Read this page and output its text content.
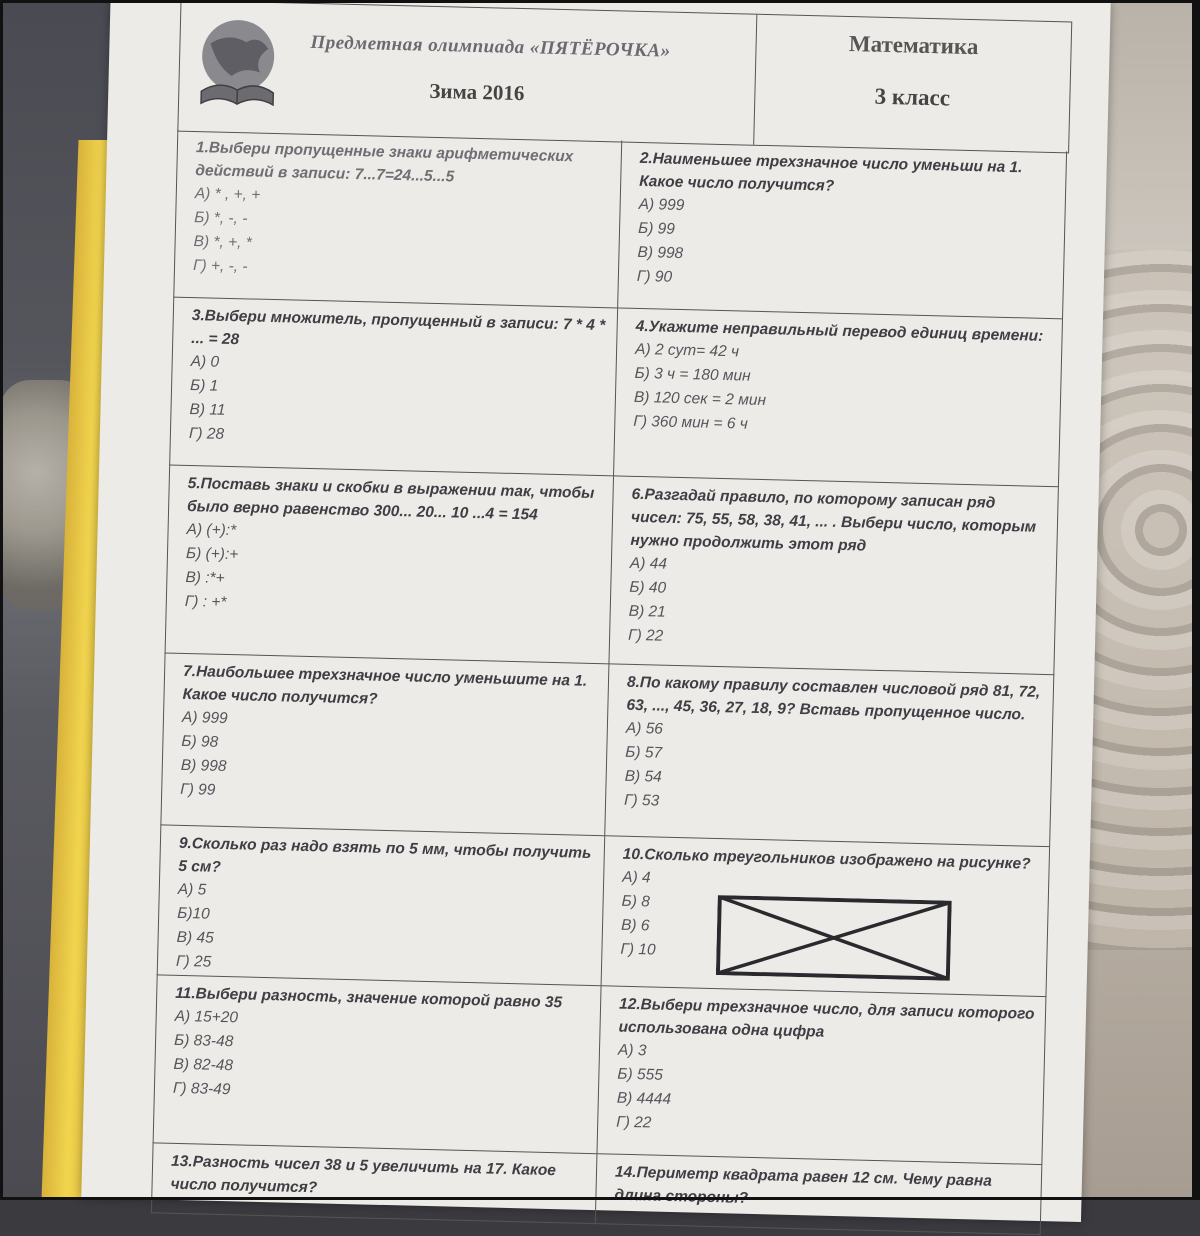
Предметная олимпиада «ПЯТЁРОЧКА»
Зима 2016
Математика
3 класс
1.Выбери пропущенные знаки арифметических действий в записи: 7...7=24...5...5
А) * , +, +
Б) *, -, -
В) *, +, *
Г) +, -, -
2.Наименьшее трехзначное число уменьши на 1. Какое число получится?
А) 999
Б) 99
В) 998
Г) 90
3.Выбери множитель, пропущенный в записи: 7 * 4 * ... = 28
А) 0
Б) 1
В) 11
Г) 28
4.Укажите неправильный перевод единиц времени:
А) 2 сут= 42 ч
Б) 3 ч = 180 мин
В) 120 сек = 2 мин
Г) 360 мин = 6 ч
5.Поставь знаки и скобки в выражении так, чтобы было верно равенство 300... 20... 10 ...4 = 154
А) (+):*
Б) (+):+
В) :*+
Г) : +*
6.Разгадай правило, по которому записан ряд чисел: 75, 55, 58, 38, 41, ... . Выбери число, которым нужно продолжить этот ряд
А) 44
Б) 40
В) 21
Г) 22
7.Наибольшее трехзначное число уменьшите на 1. Какое число получится?
А) 999
Б) 98
В) 998
Г) 99
8.По какому правилу составлен числовой ряд 81, 72, 63, ..., 45, 36, 27, 18, 9? Вставь пропущенное число.
А) 56
Б) 57
В) 54
Г) 53
9.Сколько раз надо взять по 5 мм, чтобы получить 5 см?
А) 5
Б)10
В) 45
Г) 25
10.Сколько треугольников изображено на рисунке?
А) 4
Б) 8
В) 6
Г) 10
11.Выбери разность, значение которой равно 35
А) 15+20
Б) 83-48
В) 82-48
Г) 83-49
12.Выбери трехзначное число, для записи которого использована одна цифра
А) 3
Б) 555
В) 4444
Г) 22
13.Разность чисел 38 и 5 увеличить на 17. Какое число получится?	14.Периметр квадрата равен 12 см. Чему равна длина стороны?
